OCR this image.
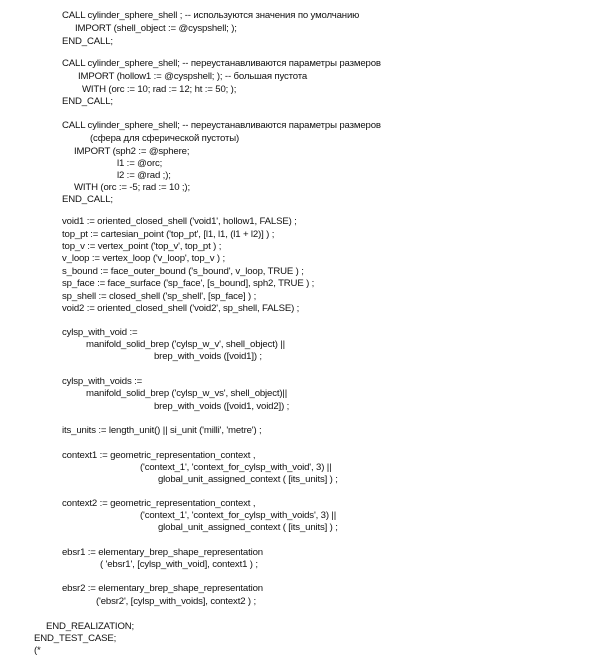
CALL cylinder_sphere_shell ; -- используются значения по умолчанию
IMPORT (shell_object := @cyspshell; );
END_CALL;
CALL cylinder_sphere_shell; -- переустанавливаются параметры размеров
IMPORT (hollow1 := @cyspshell; ); -- большая пустота
WITH (orc := 10; rad := 12; ht := 50; );
END_CALL;
CALL cylinder_sphere_shell; -- переустанавливаются параметры размеров
(сфера для сферической пустоты)
IMPORT (sph2 := @sphere;
l1 := @orc;
l2 := @rad ;);
WITH (orc := -5; rad := 10 ;);
END_CALL;
void1 := oriented_closed_shell ('void1', hollow1, FALSE) ;
top_pt := cartesian_point ('top_pt', [l1, l1, (l1 + l2)] ) ;
top_v := vertex_point ('top_v', top_pt ) ;
v_loop := vertex_loop ('v_loop', top_v ) ;
s_bound := face_outer_bound ('s_bound', v_loop, TRUE ) ;
sp_face := face_surface ('sp_face', [s_bound], sph2, TRUE ) ;
sp_shell := closed_shell ('sp_shell', [sp_face] ) ;
void2 := oriented_closed_shell ('void2', sp_shell, FALSE) ;
cylsp_with_void :=
manifold_solid_brep ('cylsp_w_v', shell_object) ||
brep_with_voids ([void1]) ;
cylsp_with_voids :=
manifold_solid_brep ('cylsp_w_vs', shell_object)||
brep_with_voids ([void1, void2]) ;
its_units := length_unit() || si_unit ('milli', 'metre') ;
context1 := geometric_representation_context ,
('context_1', 'context_for_cylsp_with_void', 3) ||
global_unit_assigned_context ( [its_units] ) ;
context2 := geometric_representation_context ,
('context_1', 'context_for_cylsp_with_voids', 3) ||
global_unit_assigned_context ( [its_units] ) ;
ebsr1 := elementary_brep_shape_representation
( 'ebsr1', [cylsp_with_void], context1 ) ;
ebsr2 := elementary_brep_shape_representation
('ebsr2', [cylsp_with_voids], context2 ) ;
END_REALIZATION;
END_TEST_CASE;
(*
